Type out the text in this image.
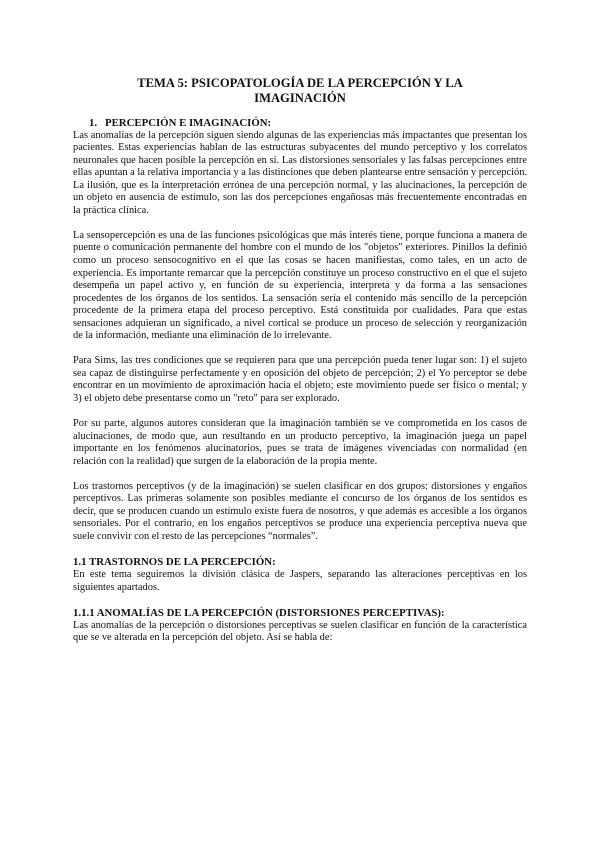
TEMA 5: PSICOPATOLOGÍA DE LA PERCEPCIÓN Y LA
IMAGINACIÓN
1. PERCEPCIÓN E IMAGINACIÓN:

Las anomalías de la percepción siguen siendo algunas de las experiencias más impactantes que presentan los pacientes. Estas experiencias hablan de las estructuras subyacentes del mundo perceptivo y los correlatos neuronales que hacen posible la percepción en sí. Las distorsiones sensoriales y las falsas percepciones entre ellas apuntan a la relativa importancia y a las distinciones que deben plantearse entre sensación y percepción. La ilusión, que es la interpretación errónea de una percepción normal, y las alucinaciones, la percepción de un objeto en ausencia de estímulo, son las dos percepciones engañosas más frecuentemente encontradas en la práctica clínica.

La sensopercepción es una de las funciones psicológicas que más interés tiene, porque funciona a manera de puente o comunicación permanente del hombre con el mundo de los "objetos" exteriores. Pinillos la definió como un proceso sensocognitivo en el que las cosas se hacen manifiestas, como tales, en un acto de experiencia. Es importante remarcar que la percepción constituye un proceso constructivo en el que el sujeto desempeña un papel activo y, en función de su experiencia, interpreta y da forma a las sensaciones procedentes de los órganos de los sentidos. La sensación sería el contenido más sencillo de la percepción procedente de la primera etapa del proceso perceptivo. Está constituida por cualidades. Para que estas sensaciones adquieran un significado, a nivel cortical se produce un proceso de selección y reorganización de la información, mediante una eliminación de lo irrelevante.

Para Sims, las tres condiciones que se requieren para que una percepción pueda tener lugar son: 1) el sujeto sea capaz de distinguirse perfectamente y en oposición del objeto de percepción; 2) el Yo perceptor se debe encontrar en un movimiento de aproximación hacia el objeto; este movimiento puede ser físico o mental; y 3) el objeto debe presentarse como un "reto" para ser explorado.

Por su parte, algunos autores consideran que la imaginación también se ve comprometida en los casos de alucinaciones, de modo que, aun resultando en un producto perceptivo, la imaginación juega un papel importante en los fenómenos alucinatorios, pues se trata de imágenes vivenciadas con normalidad (en relación con la realidad) que surgen de la elaboración de la propia mente.

Los trastornos perceptivos (y de la imaginación) se suelen clasificar en dos grupos: distorsiones y engaños perceptivos. Las primeras solamente son posibles mediante el concurso de los órganos de los sentidos es decir, que se producen cuando un estímulo existe fuera de nosotros, y que además es accesible a los órganos sensoriales. Por el contrario, en los engaños perceptivos se produce una experiencia perceptiva nueva que suele convivir con el resto de las percepciones “normales”.

1.1 TRASTORNOS DE LA PERCEPCIÓN:

En este tema seguiremos la división clásica de Jaspers, separando las alteraciones perceptivas en los siguientes apartados.

1.1.1 ANOMALÍAS DE LA PERCEPCIÓN (DISTORSIONES PERCEPTIVAS):

Las anomalías de la percepción o distorsiones perceptivas se suelen clasificar en función de la característica que se ve alterada en la percepción del objeto. Así se habla de:
